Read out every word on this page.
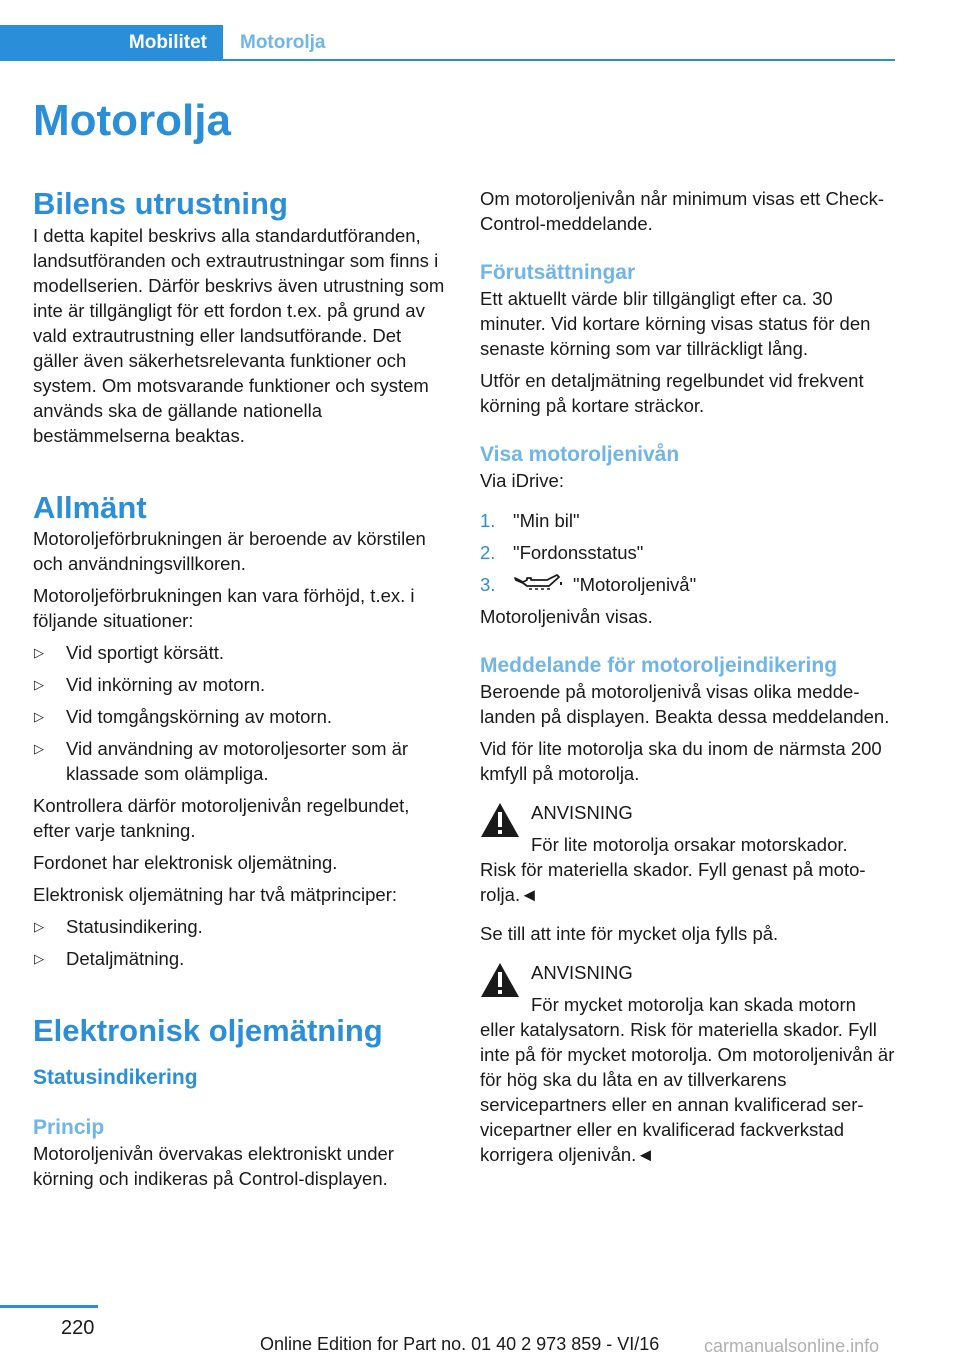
Mobilitet Motorolja
Motorolja
Bilens utrustning

I detta kapitel beskrivs alla standardutföranden, landsutföranden och extrautrustningar som finns i modellserien. Därför beskrivs även utrustning som inte är tillgängligt för ett fordon t.ex. på grund av vald extrautrustning eller landsutförande. Det gäller även säkerhetsrelevanta funktioner och system. Om motsvarande funktioner och system används ska de gällande nationella bestämmelserna beaktas.

Allmänt

Motoroljeförbrukningen är beroende av körstilen och användningsvillkoren.

Motoroljeförbrukningen kan vara förhöjd, t.ex. i följande situationer:

▷ Vid sportigt körsätt.
▷ Vid inkörning av motorn.
▷ Vid tomgångskörning av motorn.
▷ Vid användning av motoroljesorter som är klassade som olämpliga.

Kontrollera därför motoroljenivån regelbundet, efter varje tankning.

Fordonet har elektronisk oljemätning.

Elektronisk oljemätning har två mätprinciper:

▷ Statusindikering.
▷ Detaljmätning.
Elektronisk oljemätning
Statusindikering
Princip

Motoroljenivån övervakas elektroniskt under körning och indikeras på Control-displayen.

Om motoroljenivån når minimum visas ett Check-Control-meddelande.

Förutsättningar

Ett aktuellt värde blir tillgängligt efter ca. 30 minuter. Vid kortare körning visas status för den senaste körning som var tillräckligt lång.

Utför en detaljmätning regelbundet vid frekvent körning på kortare sträckor.

Visa motoroljenivån

Via iDrive:

1. "Min bil"
2. "Fordonsstatus"
3.	"Motoroljenivå"

Motoroljenivån visas.

Meddelande för motoroljeindikering

Beroende på motoroljenivå visas olika meddelanden på displayen. Beakta dessa meddelanden.

Vid för lite motorolja ska du inom de närmsta 200 kmfyll på motorolja.

ANVISNING

För lite motorolja orsakar motorskador.

Risk för materiella skador. Fyll genast på motorolja.◄

Se till att inte för mycket olja fylls på.

ANVISNING

För mycket motorolja kan skada motorn

eller katalysatorn. Risk för materiella skador. Fyll inte på för mycket motorolja. Om motoroljenivån är för hög ska du låta en av tillverkarens servicepartners eller en annan kvalificerad servicepartner eller en kvalificerad fackverkstad korrigera oljenivån.◄

220
Online Edition for Part no. 01 40 2 973 859 - VI/16 carmanualsonline.info
